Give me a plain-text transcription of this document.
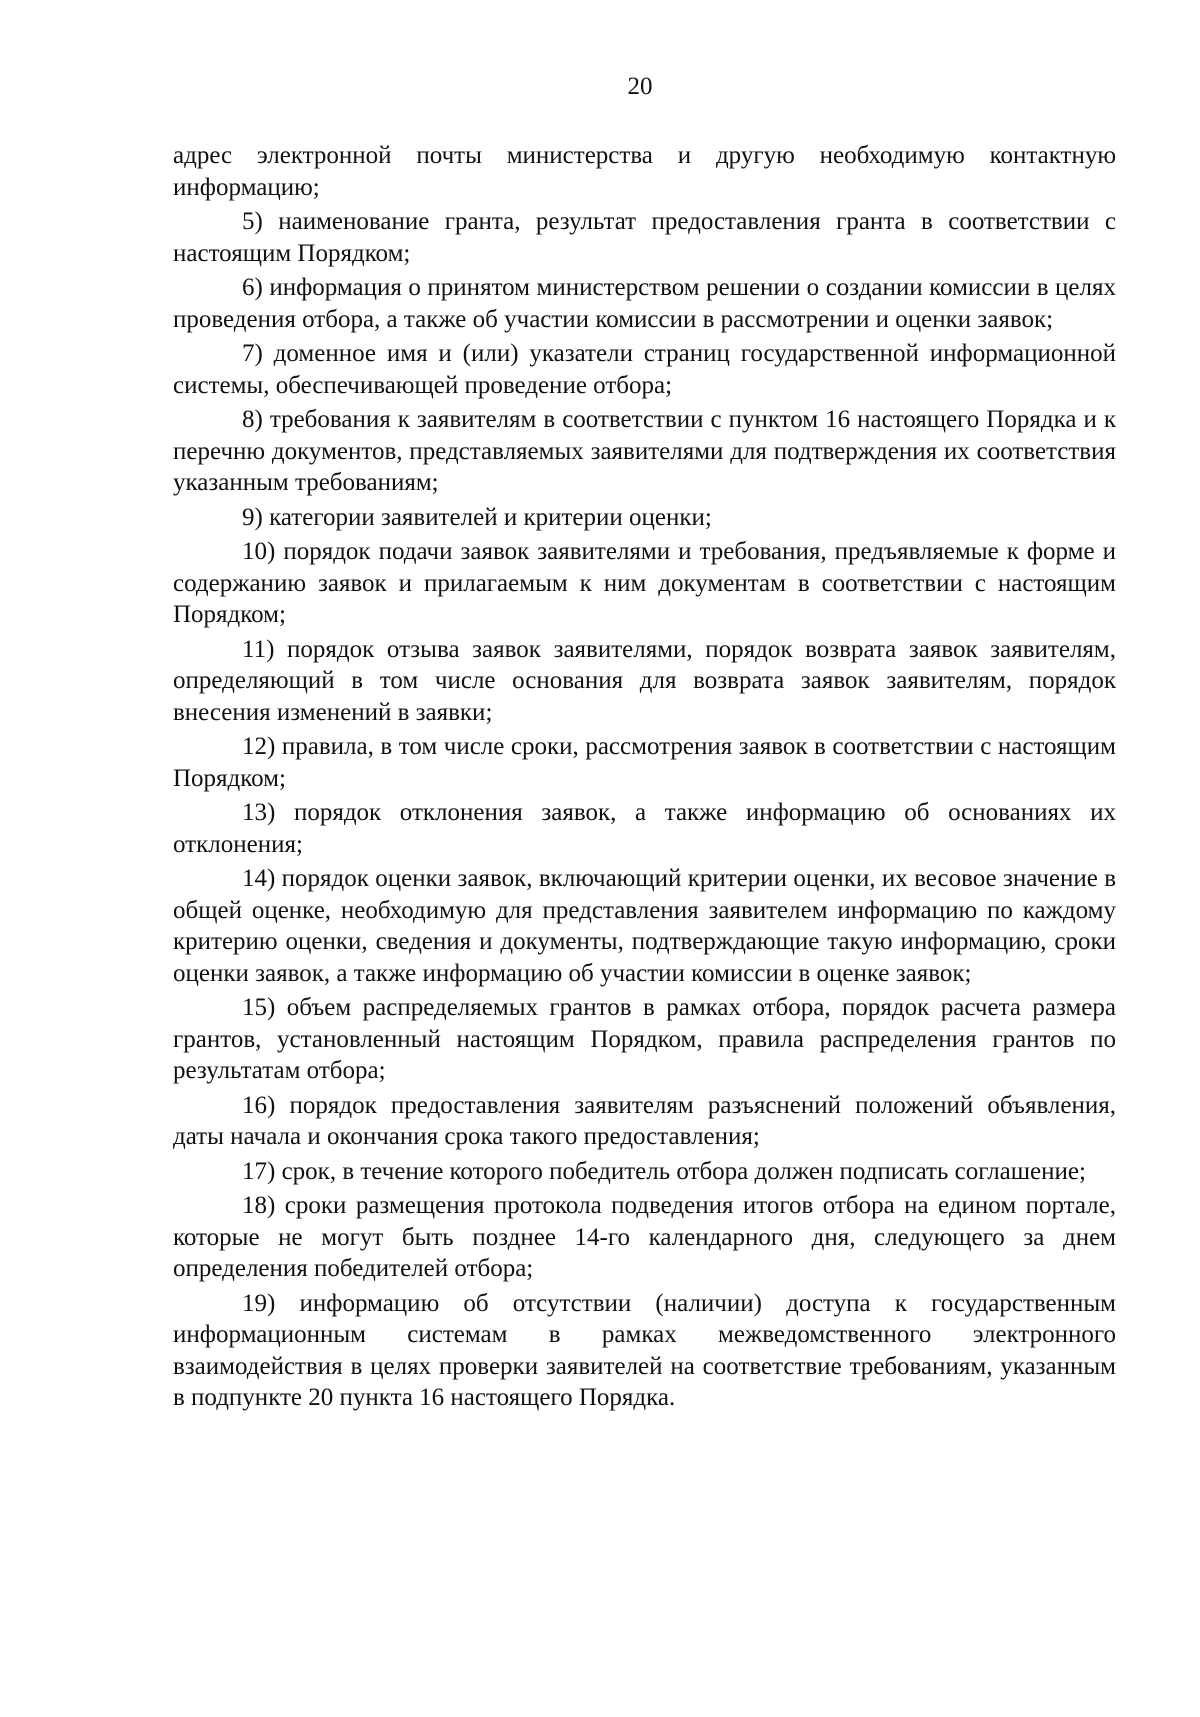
20

адрес электронной почты министерства и другую необходимую контактную информацию;

5) наименование гранта, результат предоставления гранта в соответствии с настоящим Порядком;

6) информация о принятом министерством решении о создании комиссии в целях проведения отбора, а также об участии комиссии в рассмотрении и оценки заявок;

7) доменное имя и (или) указатели страниц государственной информационной системы, обеспечивающей проведение отбора;

8) требования к заявителям в соответствии с пунктом 16 настоящего Порядка и к перечню документов, представляемых заявителями для подтверждения их соответствия указанным требованиям;

9) категории заявителей и критерии оценки;

10) порядок подачи заявок заявителями и требования, предъявляемые к форме и содержанию заявок и прилагаемым к ним документам в соответствии с настоящим Порядком;

11) порядок отзыва заявок заявителями, порядок возврата заявок заявителям, определяющий в том числе основания для возврата заявок заявителям, порядок внесения изменений в заявки;

12) правила, в том числе сроки, рассмотрения заявок в соответствии с настоящим Порядком;

13) порядок отклонения заявок, а также информацию об основаниях их отклонения;

14) порядок оценки заявок, включающий критерии оценки, их весовое значение в общей оценке, необходимую для представления заявителем информацию по каждому критерию оценки, сведения и документы, подтверждающие такую информацию, сроки оценки заявок, а также информацию об участии комиссии в оценке заявок;

15) объем распределяемых грантов в рамках отбора, порядок расчета размера грантов, установленный настоящим Порядком, правила распределения грантов по результатам отбора;

16) порядок предоставления заявителям разъяснений положений объявления, даты начала и окончания срока такого предоставления;

17) срок, в течение которого победитель отбора должен подписать соглашение;

18) сроки размещения протокола подведения итогов отбора на едином портале, которые не могут быть позднее 14-го календарного дня, следующего за днем определения победителей отбора;

19) информацию об отсутствии (наличии) доступа к государственным информационным системам в рамках межведомственного электронного взаимодействия в целях проверки заявителей на соответствие требованиям, указанным в подпункте 20 пункта 16 настоящего Порядка.
